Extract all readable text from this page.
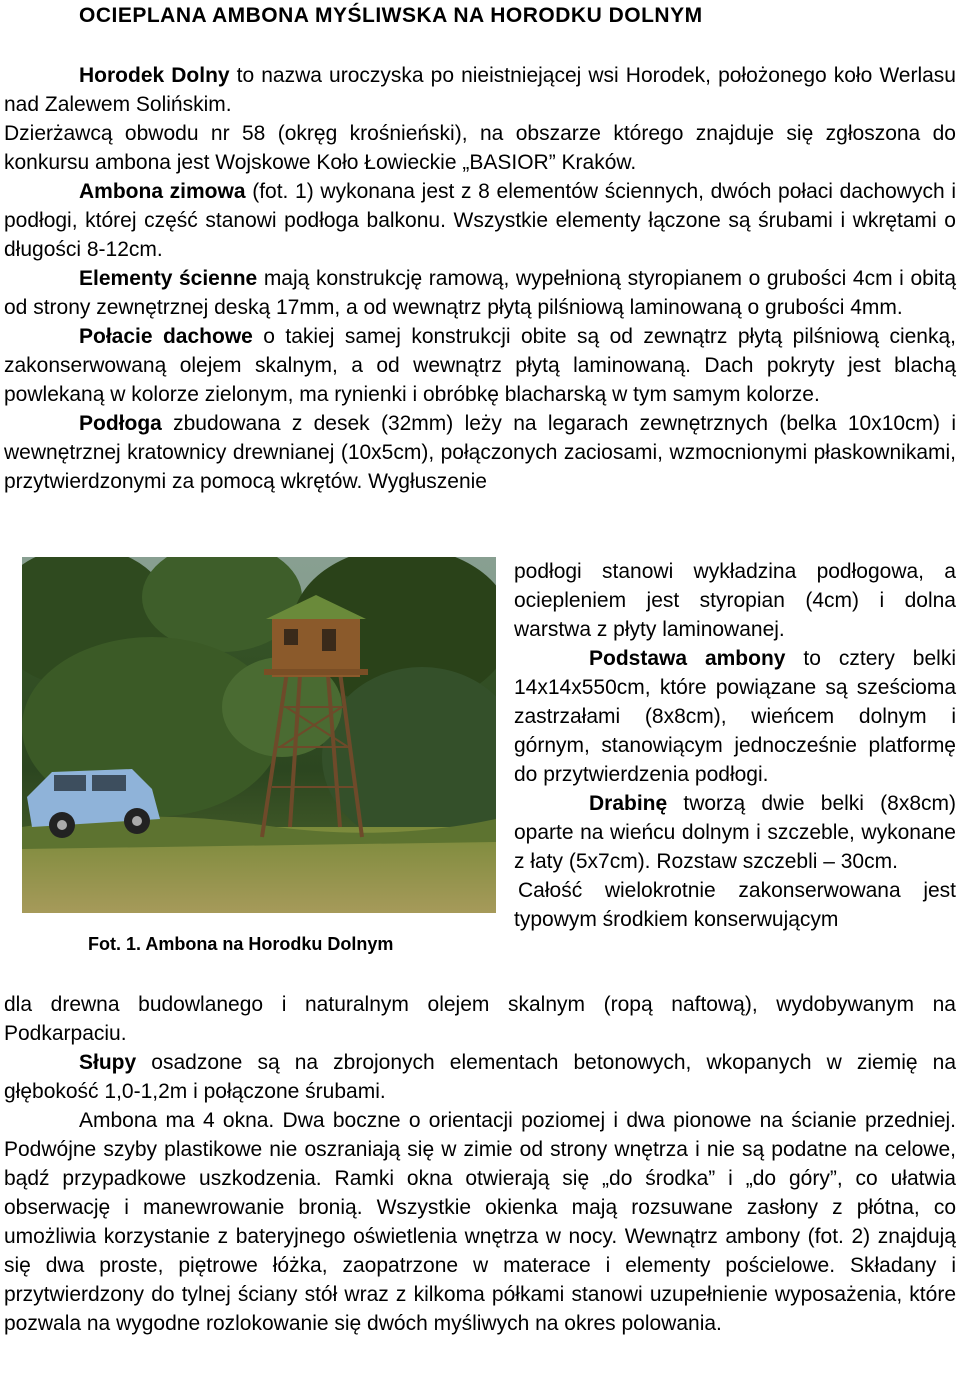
OCIEPLANA AMBONA MYŚLIWSKA NA HORODKU DOLNYM

Horodek Dolny to nazwa uroczyska po nieistniejącej wsi Horodek, położonego koło Werlasu nad Zalewem Solińskim.

Dzierżawcą obwodu nr 58 (okręg krośnieński), na obszarze którego znajduje się zgłoszona do konkursu ambona jest Wojskowe Koło Łowieckie „BASIOR” Kraków.

Ambona zimowa (fot. 1) wykonana jest z 8 elementów ściennych, dwóch połaci dachowych i podłogi, której część stanowi podłoga balkonu. Wszystkie elementy łączone są śrubami i wkrętami o długości 8-12cm.

Elementy ścienne mają konstrukcję ramową, wypełnioną styropianem o grubości 4cm i obitą od strony zewnętrznej deską 17mm, a od wewnątrz płytą pilśniową laminowaną o grubości 4mm.

Połacie dachowe o takiej samej konstrukcji obite są od zewnątrz płytą pilśniową cienką, zakonserwowaną olejem skalnym, a od wewnątrz płytą laminowaną. Dach pokryty jest blachą powlekaną w kolorze zielonym, ma rynienki i obróbkę blacharską w tym samym kolorze.

Podłoga zbudowana z desek (32mm) leży na legarach zewnętrznych (belka 10x10cm) i wewnętrznej kratownicy drewnianej (10x5cm), połączonych zaciosami, wzmocnionymi płaskownikami, przytwierdzonymi za pomocą wkrętów. Wygłuszenie

podłogi stanowi wykładzina podłogowa, a ociepleniem jest styropian (4cm) i dolna warstwa z płyty laminowanej.

Podstawa ambony to cztery belki 14x14x550cm, które powiązane są sześcioma zastrzałami (8x8cm), wieńcem dolnym i górnym, stanowiącym jednocześnie platformę do przytwierdzenia podłogi.

Drabinę tworzą dwie belki (8x8cm) oparte na wieńcu dolnym i szczeble, wykonane z łaty (5x7cm). Rozstaw szczebli – 30cm.

Całość wielokrotnie zakonserwowana jest typowym środkiem konserwującym

Fot. 1. Ambona na Horodku Dolnym

dla drewna budowlanego i naturalnym olejem skalnym (ropą naftową), wydobywanym na Podkarpaciu.

Słupy osadzone są na zbrojonych elementach betonowych, wkopanych w ziemię na głębokość 1,0-1,2m i połączone śrubami.

Ambona ma 4 okna. Dwa boczne o orientacji poziomej i dwa pionowe na ścianie przedniej. Podwójne szyby plastikowe nie oszraniają się w zimie od strony wnętrza i nie są podatne na celowe, bądź przypadkowe uszkodzenia. Ramki okna otwierają się „do środka” i „do góry”, co ułatwia obserwację i manewrowanie bronią. Wszystkie okienka mają rozsuwane zasłony z płótna, co umożliwia korzystanie z bateryjnego oświetlenia wnętrza w nocy. Wewnątrz ambony (fot. 2) znajdują się dwa proste, piętrowe łóżka, zaopatrzone w materace i elementy pościelowe. Składany i przytwierdzony do tylnej ściany stół wraz z kilkoma półkami stanowi uzupełnienie wyposażenia, które pozwala na wygodne rozlokowanie się dwóch myśliwych na okres polowania.
